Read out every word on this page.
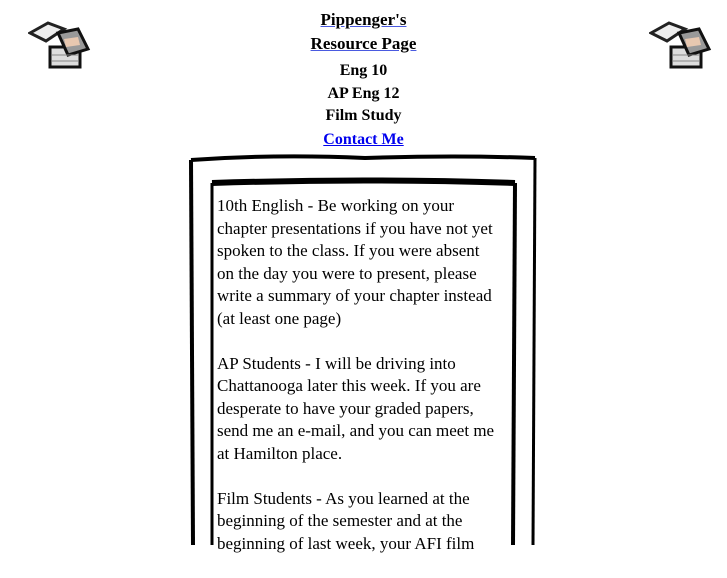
Pippenger's
Resource Page
Eng 10
AP Eng 12
Film Study
Contact Me
10th English - Be working on your
chapter presentations if you have not yet
spoken to the class. If you were absent
on the day you were to present, please
write a summary of your chapter instead
(at least one page)
AP Students - I will be driving into
Chattanooga later this week. If you are
desperate to have your graded papers,
send me an e-mail, and you can meet me
at Hamilton place.
Film Students - As you learned at the
beginning of the semester and at the
beginning of last week, your AFI film
